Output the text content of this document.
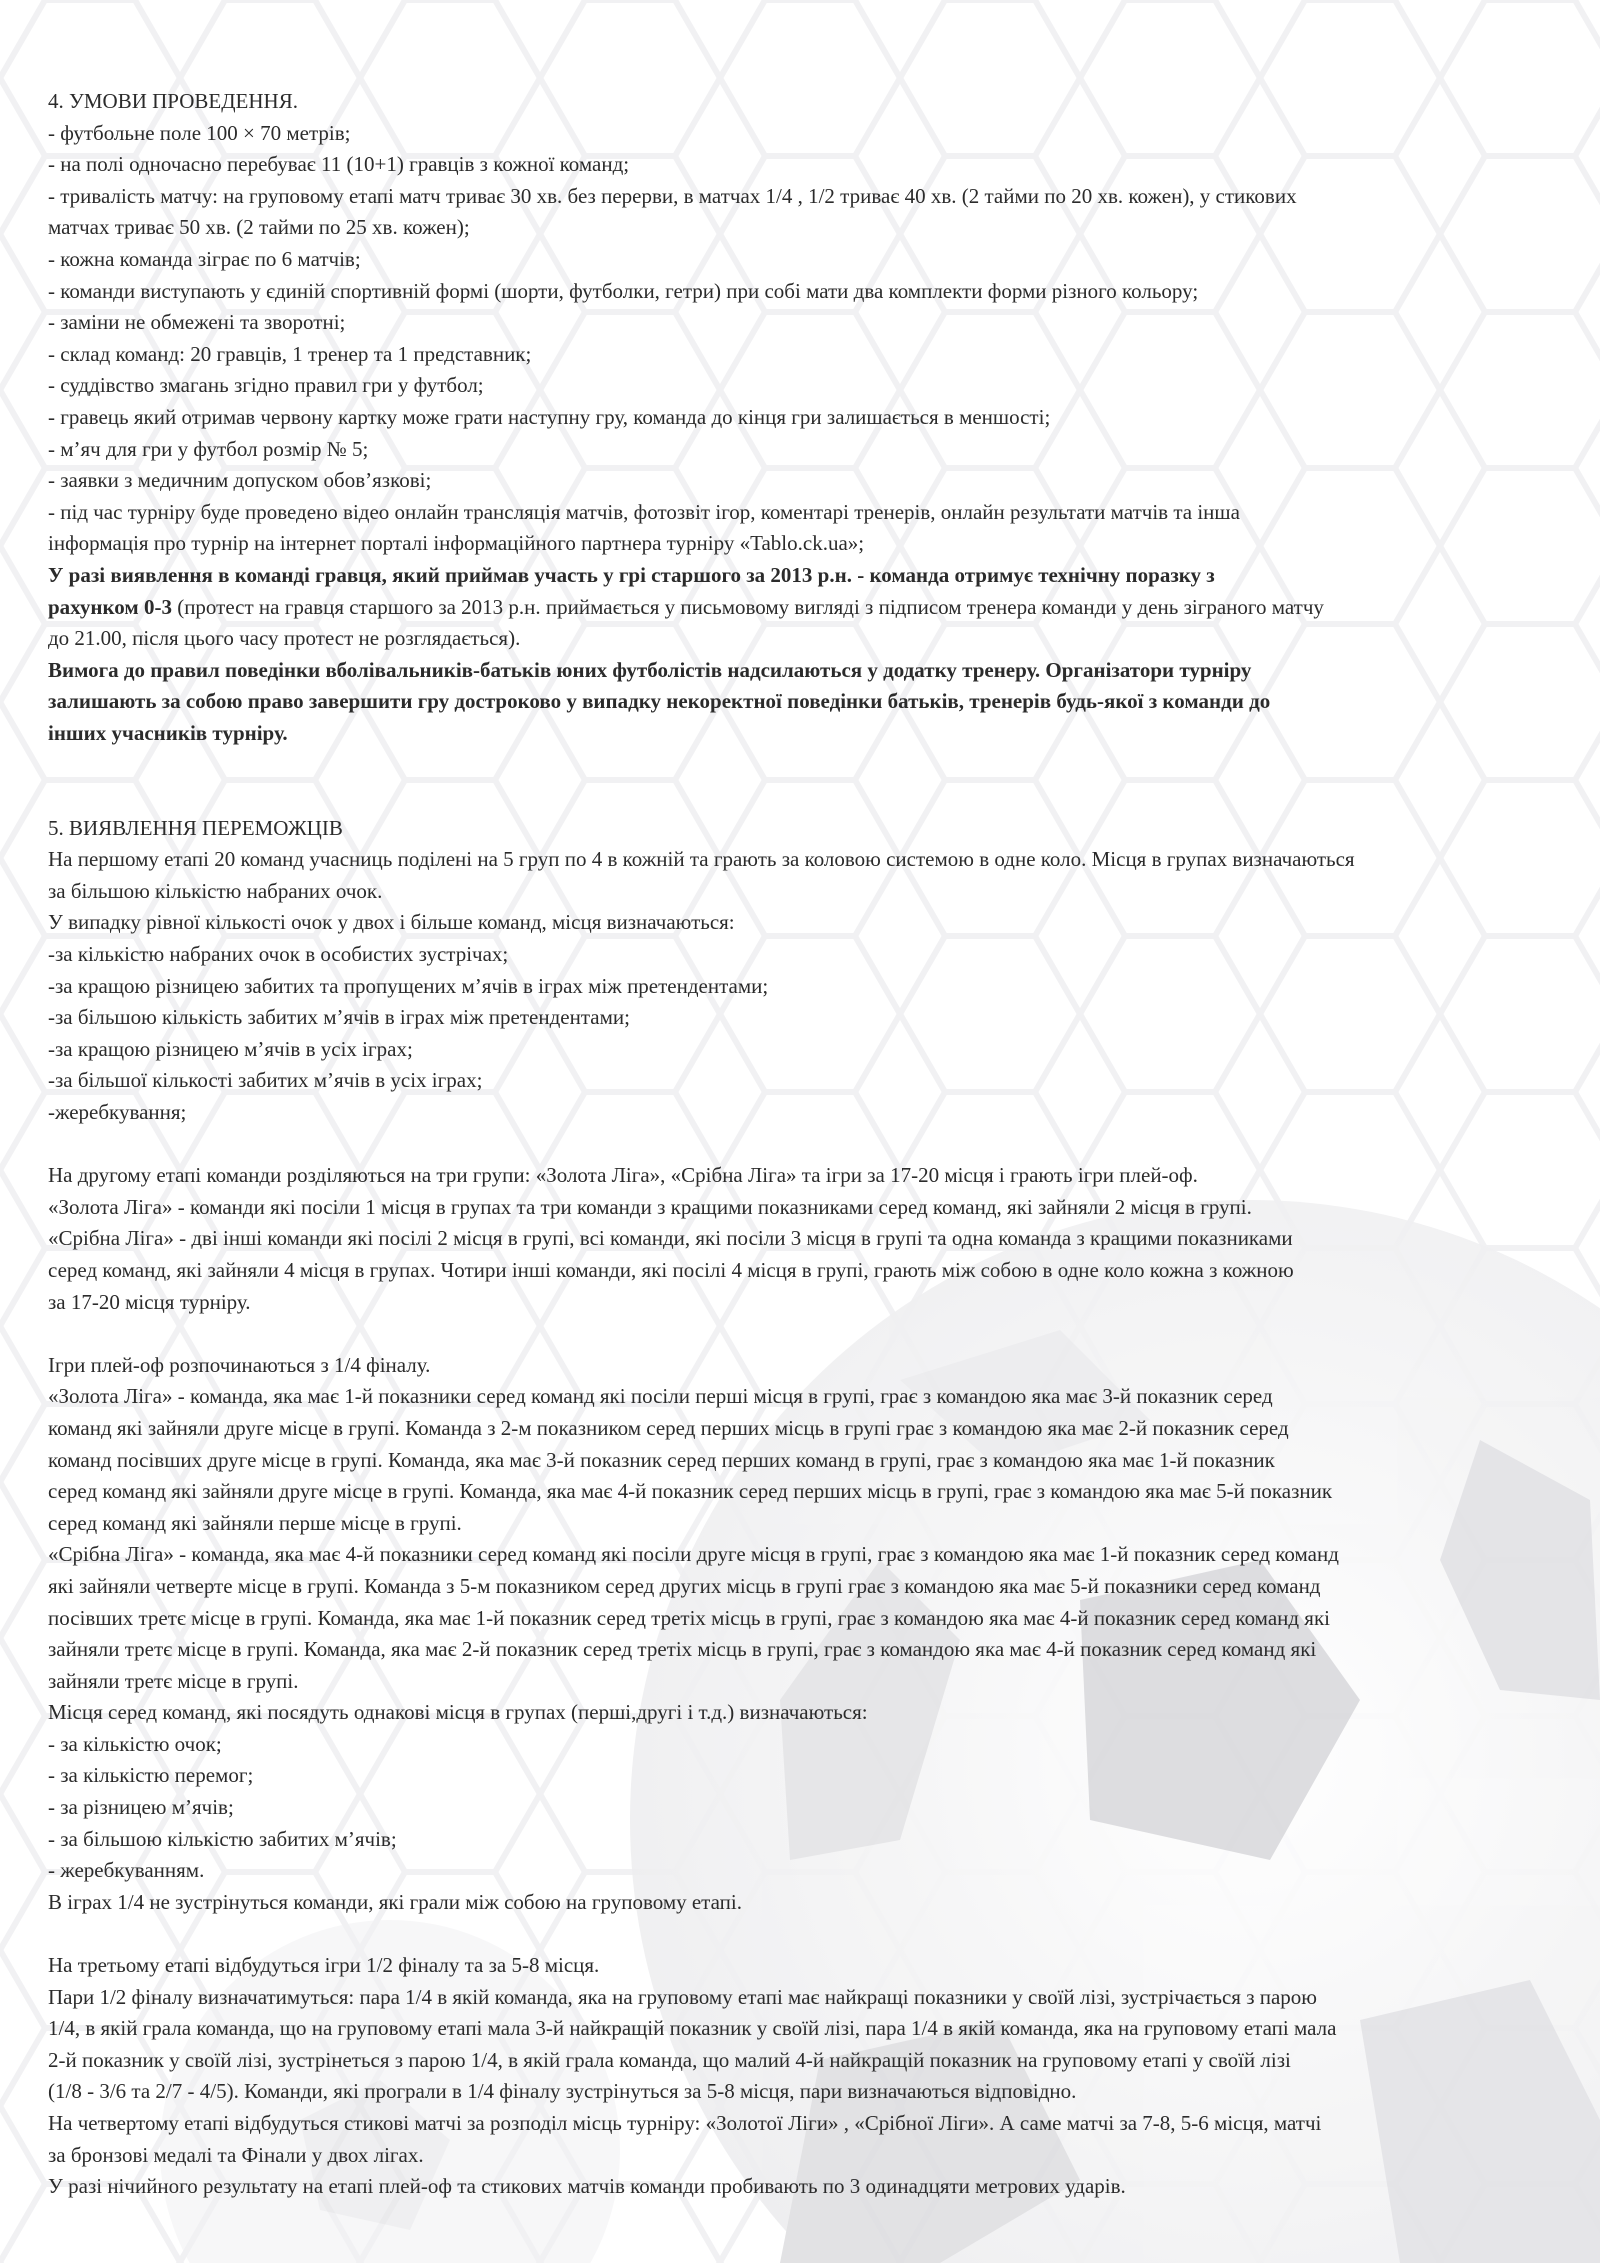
4. УМОВИ ПРОВЕДЕННЯ.
- футбольне поле 100 × 70 метрів;
- на полі одночасно перебуває 11 (10+1) гравців з кожної команд;
- тривалість матчу: на груповому етапі матч триває 30 хв. без перерви, в матчах 1/4 , 1/2 триває 40 хв. (2 тайми по 20 хв. кожен), у стикових
матчах триває 50 хв. (2 тайми по 25 хв. кожен);
- кожна команда зіграє по 6 матчів;
- команди виступають у єдиній спортивній формі (шорти, футболки, гетри) при собі мати два комплекти форми різного кольору;
- заміни не обмежені та зворотні;
- склад команд: 20 гравців, 1 тренер та 1 представник;
- суддівство змагань згідно правил гри у футбол;
- гравець який отримав червону картку може грати наступну гру, команда до кінця гри залишається в меншості;
- м’яч для гри у футбол розмір № 5;
- заявки з медичним допуском обов’язкові;
- під час турніру буде проведено відео онлайн трансляція матчів, фотозвіт ігор, коментарі тренерів, онлайн результати матчів та інша
інформація про турнір на інтернет порталі інформаційного партнера турніру «Tablo.ck.ua»;
У разі виявлення в команді гравця, який приймав участь у грі старшого за 2013 р.н. - команда отримує технічну поразку з
рахунком 0-3 (протест на гравця старшого за 2013 р.н. приймається у письмовому вигляді з підписом тренера команди у день зіграного матчу
до 21.00, після цього часу протест не розглядається).
Вимога до правил поведінки вболівальників-батьків юних футболістів надсилаються у додатку тренеру. Організатори турніру
залишають за собою право завершити гру достроково у випадку некоректної поведінки батьків, тренерів будь-якої з команди до
інших учасників турніру.
5. ВИЯВЛЕННЯ ПЕРЕМОЖЦІВ
На першому етапі 20 команд учасниць поділені на 5 груп по 4 в кожній та грають за коловою системою в одне коло. Місця в групах визначаються
за більшою кількістю набраних очок.
У випадку рівної кількості очок у двох і більше команд, місця визначаються:
-за кількістю набраних очок в особистих зустрічах;
-за кращою різницею забитих та пропущених м’ячів в іграх між претендентами;
-за більшою кількість забитих м’ячів в іграх між претендентами;
-за кращою різницею м’ячів в усіх іграх;
-за більшої кількості забитих м’ячів в усіх іграх;
-жеребкування;
На другому етапі команди розділяються на три групи: «Золота Ліга», «Срібна Ліга» та ігри за 17-20 місця і грають ігри плей-оф.
«Золота Ліга» - команди які посіли 1 місця в групах та три команди з кращими показниками серед команд, які зайняли 2 місця в групі.
«Срібна Ліга» - дві інші команди які посілі 2 місця в групі, всі команди, які посіли 3 місця в групі та одна команда з кращими показниками
серед команд, які зайняли 4 місця в групах. Чотири інші команди, які посілі 4 місця в групі, грають між собою в одне коло кожна з кожною
за 17-20 місця турніру.
Ігри плей-оф розпочинаються з 1/4 фіналу.
«Золота Ліга» - команда, яка має 1-й показники серед команд які посіли перші місця в групі, грає з командою яка має 3-й показник серед
команд які зайняли друге місце в групі. Команда з 2-м показником серед перших місць в групі грає з командою яка має 2-й показник серед
команд посівших друге місце в групі. Команда, яка має 3-й показник серед перших команд в групі, грає з командою яка має 1-й показник
серед команд які зайняли друге місце в групі. Команда, яка має 4-й показник серед перших місць в групі, грає з командою яка має 5-й показник
серед команд які зайняли перше місце в групі.
«Срібна Ліга» - команда, яка має 4-й показники серед команд які посіли друге місця в групі, грає з командою яка має 1-й показник серед команд
які зайняли четверте місце в групі. Команда з 5-м показником серед других місць в групі грає з командою яка має 5-й показники серед команд
посівших третє місце в групі. Команда, яка має 1-й показник серед третіх місць в групі, грає з командою яка має 4-й показник серед команд які
зайняли третє місце в групі. Команда, яка має 2-й показник серед третіх місць в групі, грає з командою яка має 4-й показник серед команд які
зайняли третє місце в групі.
Місця серед команд, які посядуть однакові місця в групах (перші,другі і т.д.) визначаються:
- за кількістю очок;
- за кількістю перемог;
- за різницею м’ячів;
- за більшою кількістю забитих м’ячів;
- жеребкуванням.
В іграх 1/4 не зустрінуться команди, які грали між собою на груповому етапі.
На третьому етапі відбудуться ігри 1/2 фіналу та за 5-8 місця.
Пари 1/2 фіналу визначатимуться: пара 1/4 в якій команда, яка на груповому етапі має найкращі показники у своїй лізі, зустрічається з парою
1/4, в якій грала команда, що на груповому етапі мала 3-й найкращій показник у своїй лізі, пара 1/4 в якій команда, яка на груповому етапі мала
2-й показник у своїй лізі, зустрінеться з парою 1/4, в якій грала команда, що малий 4-й найкращій показник на груповому етапі у своїй лізі
(1/8 - 3/6 та 2/7 - 4/5). Команди, які програли в 1/4 фіналу зустрінуться за 5-8 місця, пари визначаються відповідно.
На четвертому етапі відбудуться стикові матчі за розподіл місць турніру: «Золотої Ліги» , «Срібної Ліги». А саме матчі за 7-8, 5-6 місця, матчі
за бронзові медалі та Фінали у двох лігах.
У разі нічийного результату на етапі плей-оф та стикових матчів команди пробивають по 3 одинадцяти метрових ударів.
